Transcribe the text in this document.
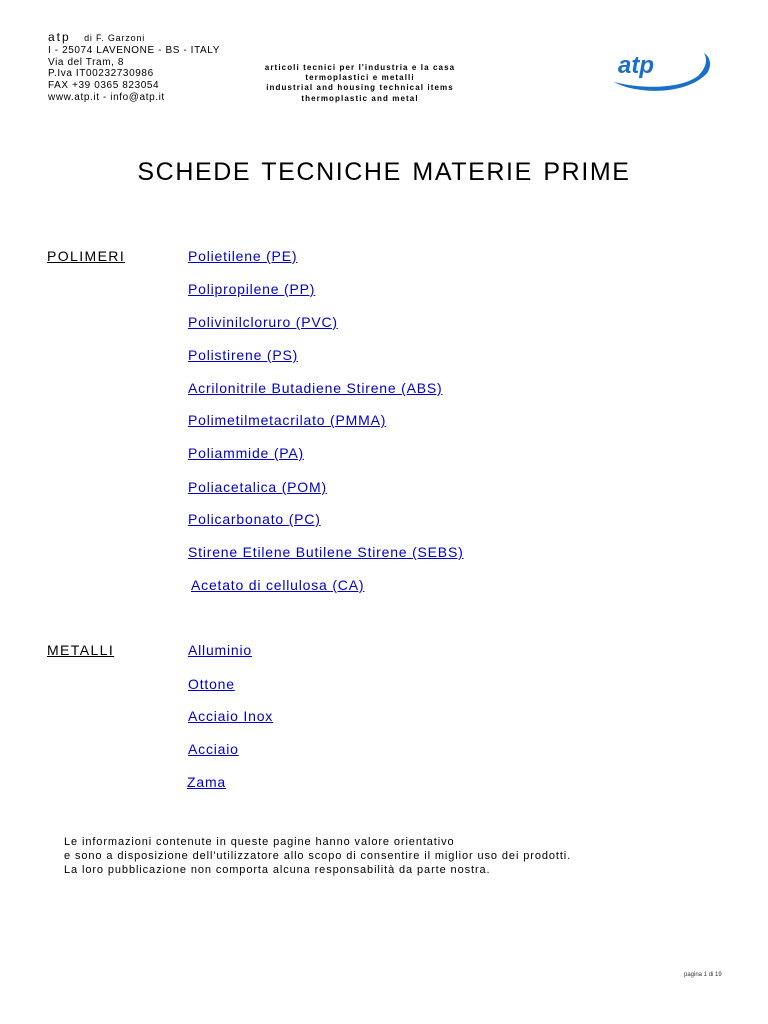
atp di F. Garzoni
I - 25074 LAVENONE - BS - ITALY
Via del Tram, 8
P.Iva IT00232730986
FAX +39 0365 823054
www.atp.it - info@atp.it
articoli tecnici per l'industria e la casa
termoplastici e metalli
industrial and housing technical items
thermoplastic and metal
atp
SCHEDE TECNICHE MATERIE PRIME
POLIMERI	Polietilene (PE)
Polipropilene (PP)
Polivinilcloruro (PVC)
Polistirene (PS)
Acrilonitrile Butadiene Stirene (ABS)
Polimetilmetacrilato (PMMA)
Poliammide (PA)
Poliacetalica (POM)
Policarbonato (PC)
Stirene Etilene Butilene Stirene (SEBS)
Acetato di cellulosa (CA)
METALLI	Alluminio
Ottone
Acciaio Inox
Acciaio
Zama
Le informazioni contenute in queste pagine hanno valore orientativo
e sono a disposizione dell'utilizzatore allo scopo di consentire il miglior uso dei prodotti.
La loro pubblicazione non comporta alcuna responsabilità da parte nostra.
pagina 1 di 19
